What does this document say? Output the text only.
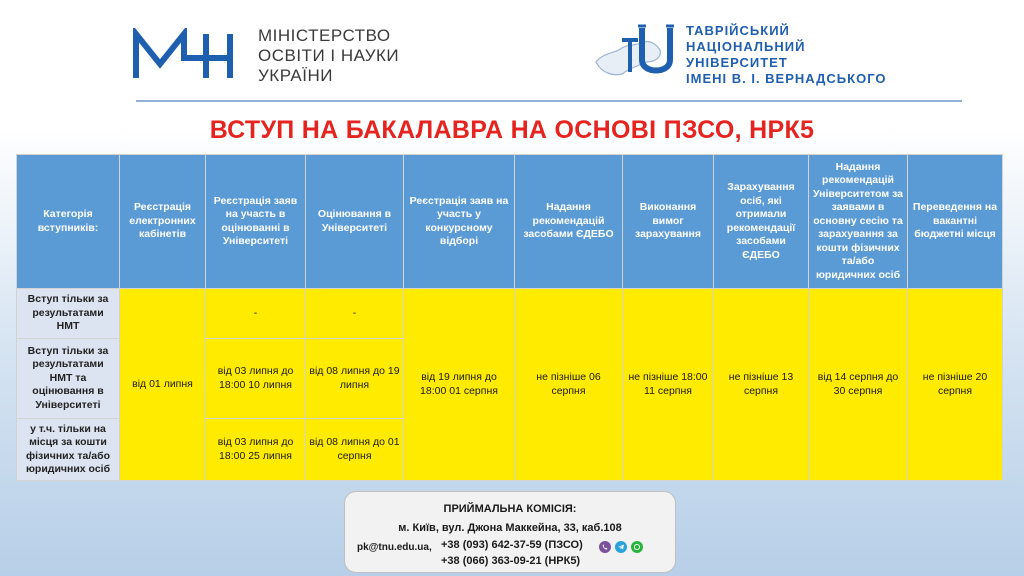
МІНІСТЕРСТВО
ОСВІТИ І НАУКИ
УКРАЇНИ
ТАВРІЙСЬКИЙ
НАЦІОНАЛЬНИЙ
УНІВЕРСИТЕТ
ІМЕНІ В. І. ВЕРНАДСЬКОГО
ВСТУП НА БАКАЛАВРА НА ОСНОВІ ПЗСО, НРК5
Категорія вступників:	Реєстрація електронних кабінетів	Реєстрація заяв на участь в оцінюванні в Університеті	Оцінювання в Університеті	Реєстрація заяв на участь у конкурсному відборі	Надання рекомендацій засобами ЄДЕБО	Виконання вимог зарахування	Зарахування осіб, які отримали рекомендації засобами ЄДЕБО	Надання рекомендацій Університетом за заявами в основну сесію та зарахування за кошти фізичних та/або юридичних осіб	Переведення на вакантні бюджетні місця
Вступ тільки за результатами НМТ	від 01 липня	-	-	від 19 липня до 18:00 01 серпня	не пізніше 06 серпня	не пізніше 18:00 11 серпня	не пізніше 13 серпня	від 14 серпня до 30 серпня	не пізніше 20 серпня
Вступ тільки за результатами НМТ та оцінювання в Університеті		від 03 липня до 18:00 10 липня	від 08 липня до 19 липня						
у т.ч. тільки на місця за кошти фізичних та/або юридичних осіб		від 03 липня до 18:00 25 липня	від 08 липня до 01 серпня						
ПРИЙМАЛЬНА КОМІСІЯ:
м. Київ, вул. Джона Маккейна, 33, каб.108
pk@tnu.edu.ua, +38 (093) 642-37-59 (ПЗСО)
+38 (066) 363-09-21 (НРК5)
